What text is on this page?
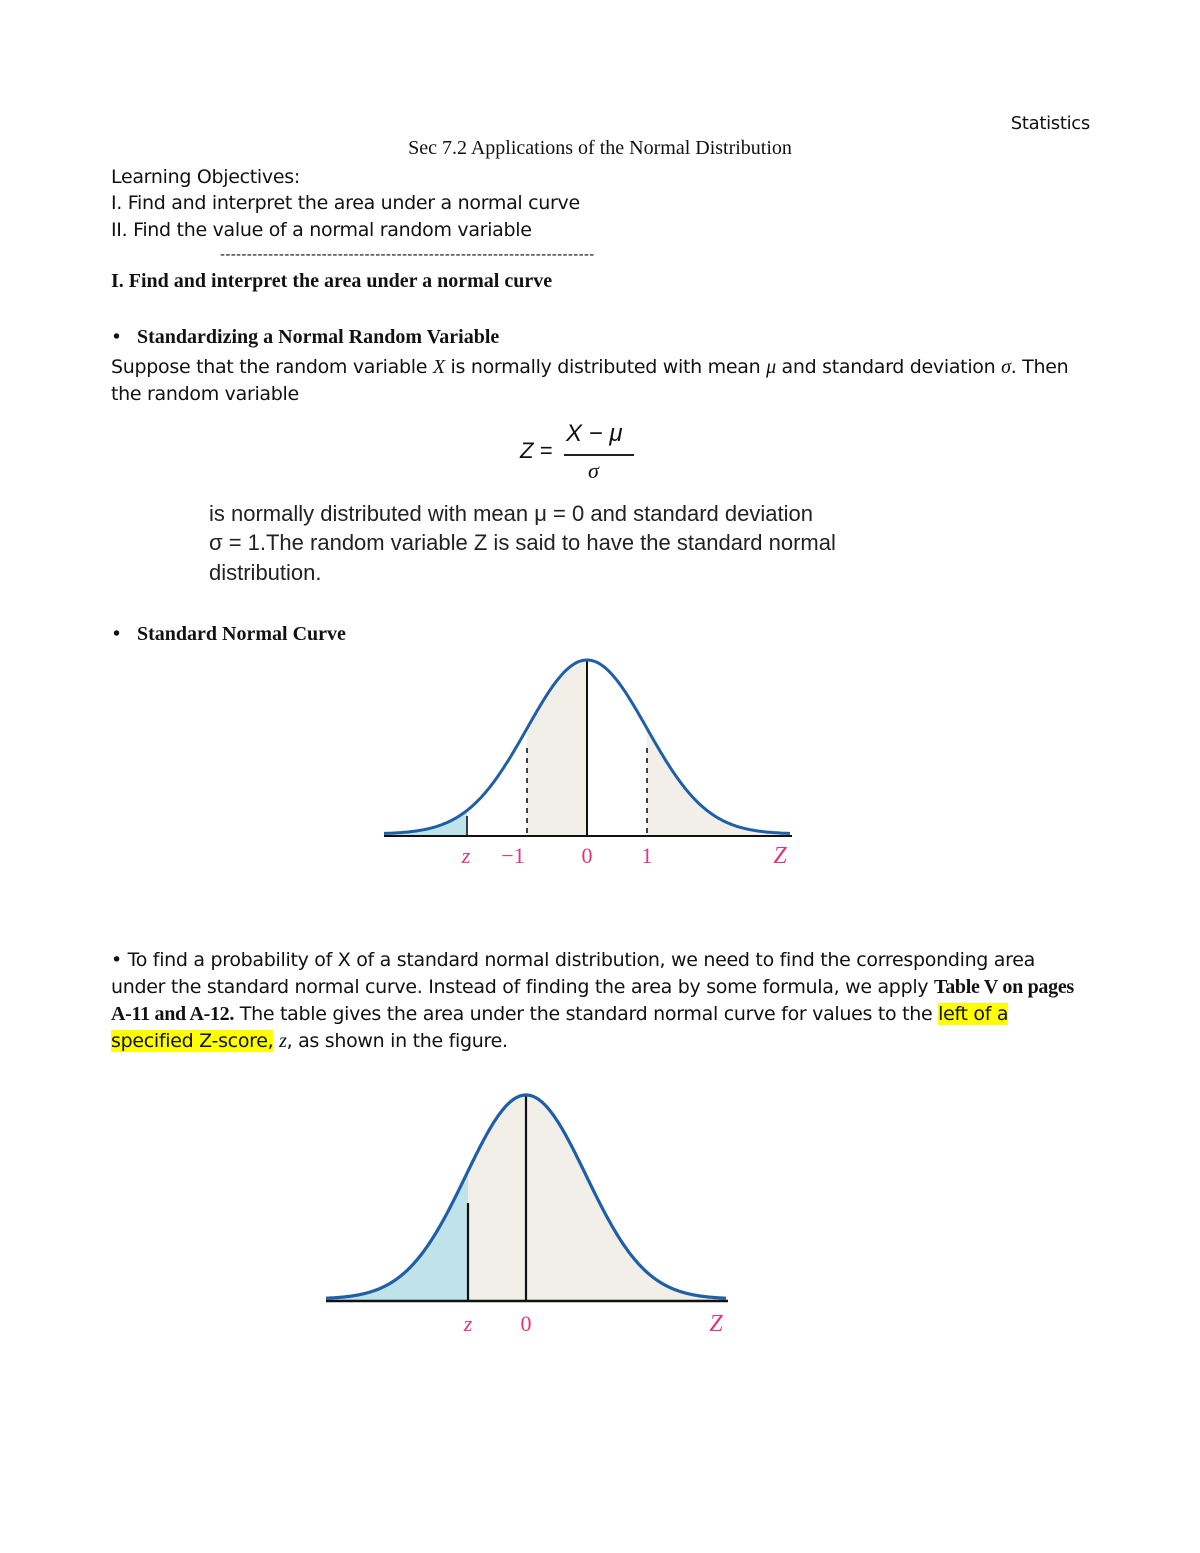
Statistics
Sec 7.2 Applications of the Normal Distribution
Learning Objectives:
I. Find and interpret the area under a normal curve
II. Find the value of a normal random variable
----------------------------------------------------------------------
I. Find and interpret the area under a normal curve
• Standardizing a Normal Random Variable
Suppose that the random variable X is normally distributed with mean μ and standard deviation σ. Then the random variable
Z =
X − μ
σ
is normally distributed with mean μ = 0 and standard deviation
σ = 1.The random variable Z is said to have the standard normal
distribution.
• Standard Normal Curve
z −1	0 1	Z
• To find a probability of X of a standard normal distribution, we need to find the corresponding area under the standard normal curve. Instead of finding the area by some formula, we apply Table V on pages A-11 and A-12. The table gives the area under the standard normal curve for values to the left of a specified Z-score, z, as shown in the figure.
z 0	Z
